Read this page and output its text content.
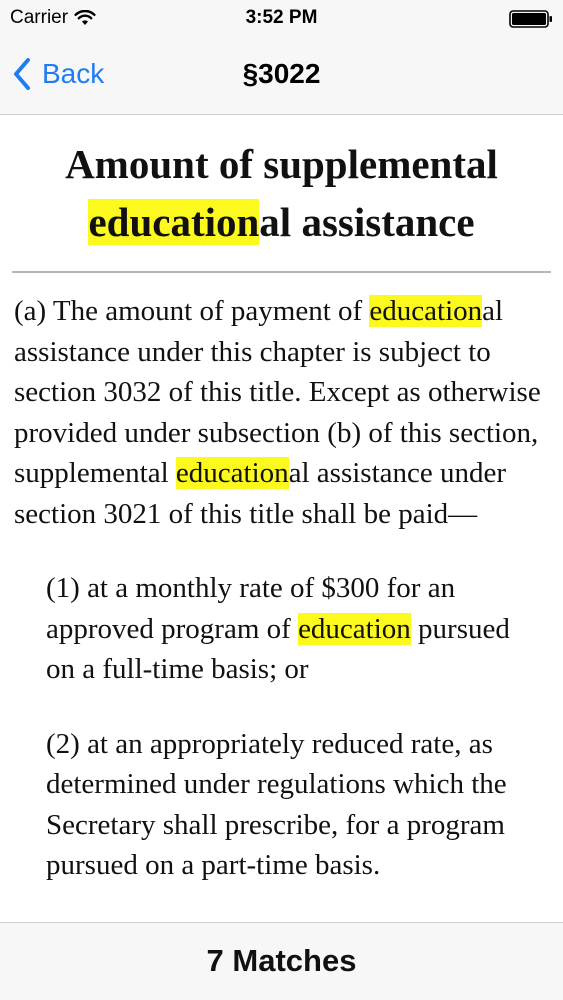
Carrier	3:52 PM
Back	§3022
Amount of supplemental
educational assistance

(a) The amount of payment of educational assistance under this chapter is subject to section 3032 of this title. Except as otherwise provided under subsection (b) of this section, supplemental educational assistance under section 3021 of this title shall be paid—

(1) at a monthly rate of $300 for an approved program of education pursued on a full-time basis; or

(2) at an appropriately reduced rate, as determined under regulations which the Secretary shall prescribe, for a program pursued on a part-time basis.

7 Matches
